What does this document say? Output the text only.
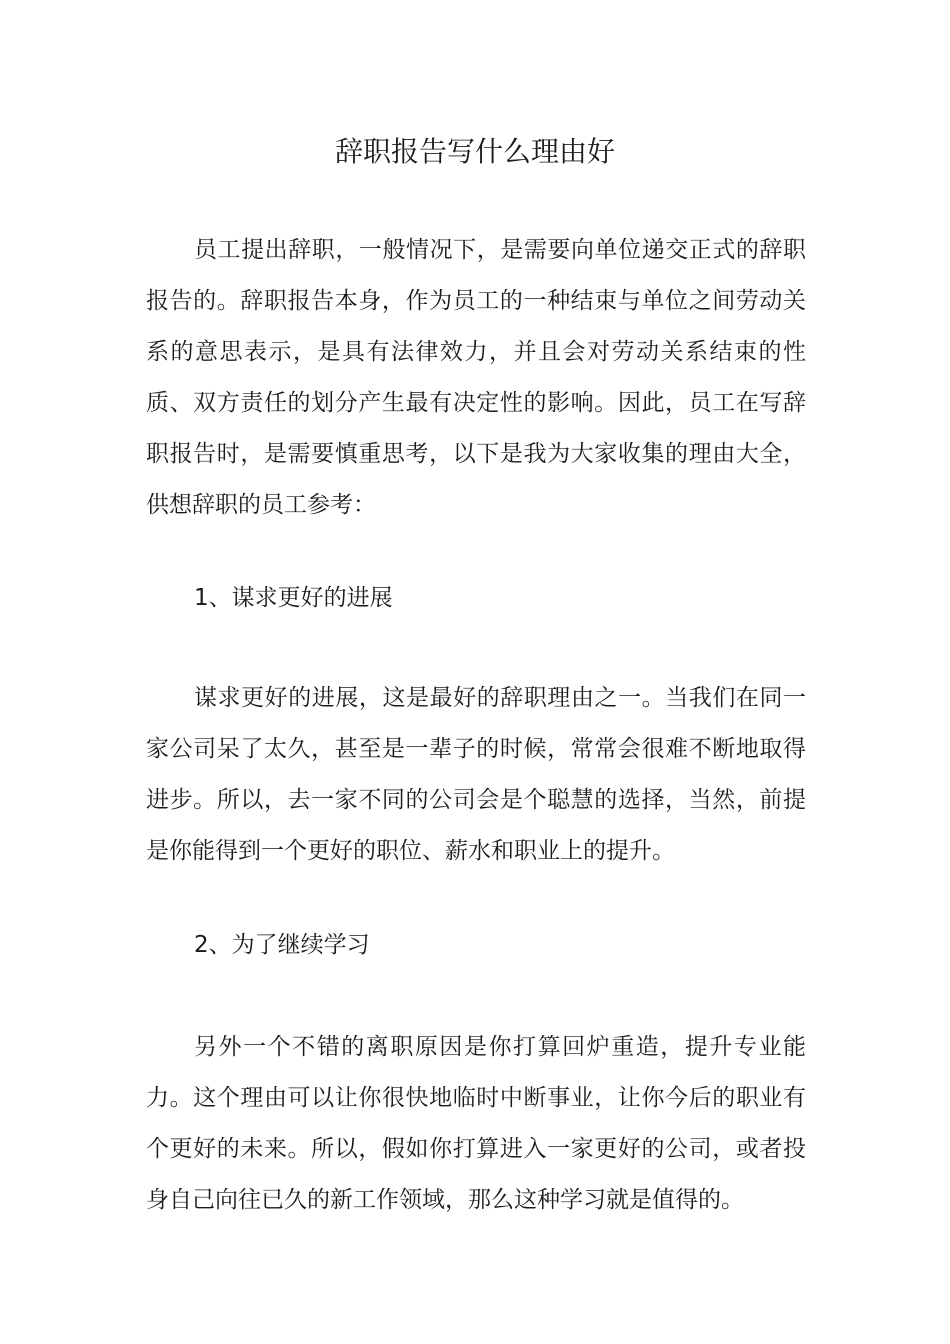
辞职报告写什么理由好

员工提出辞职，一般情况下，是需要向单位递交正式的辞职报告的。辞职报告本身，作为员工的一种结束与单位之间劳动关系的意思表示，是具有法律效力，并且会对劳动关系结束的性质、双方责任的划分产生最有决定性的影响。因此，员工在写辞职报告时，是需要慎重思考，以下是我为大家收集的理由大全，供想辞职的员工参考：

1、谋求更好的进展

谋求更好的进展，这是最好的辞职理由之一。当我们在同一家公司呆了太久，甚至是一辈子的时候，常常会很难不断地取得进步。所以，去一家不同的公司会是个聪慧的选择，当然，前提是你能得到一个更好的职位、薪水和职业上的提升。

2、为了继续学习

另外一个不错的离职原因是你打算回炉重造，提升专业能力。这个理由可以让你很快地临时中断事业，让你今后的职业有个更好的未来。所以，假如你打算进入一家更好的公司，或者投身自己向往已久的新工作领域，那么这种学习就是值得的。
